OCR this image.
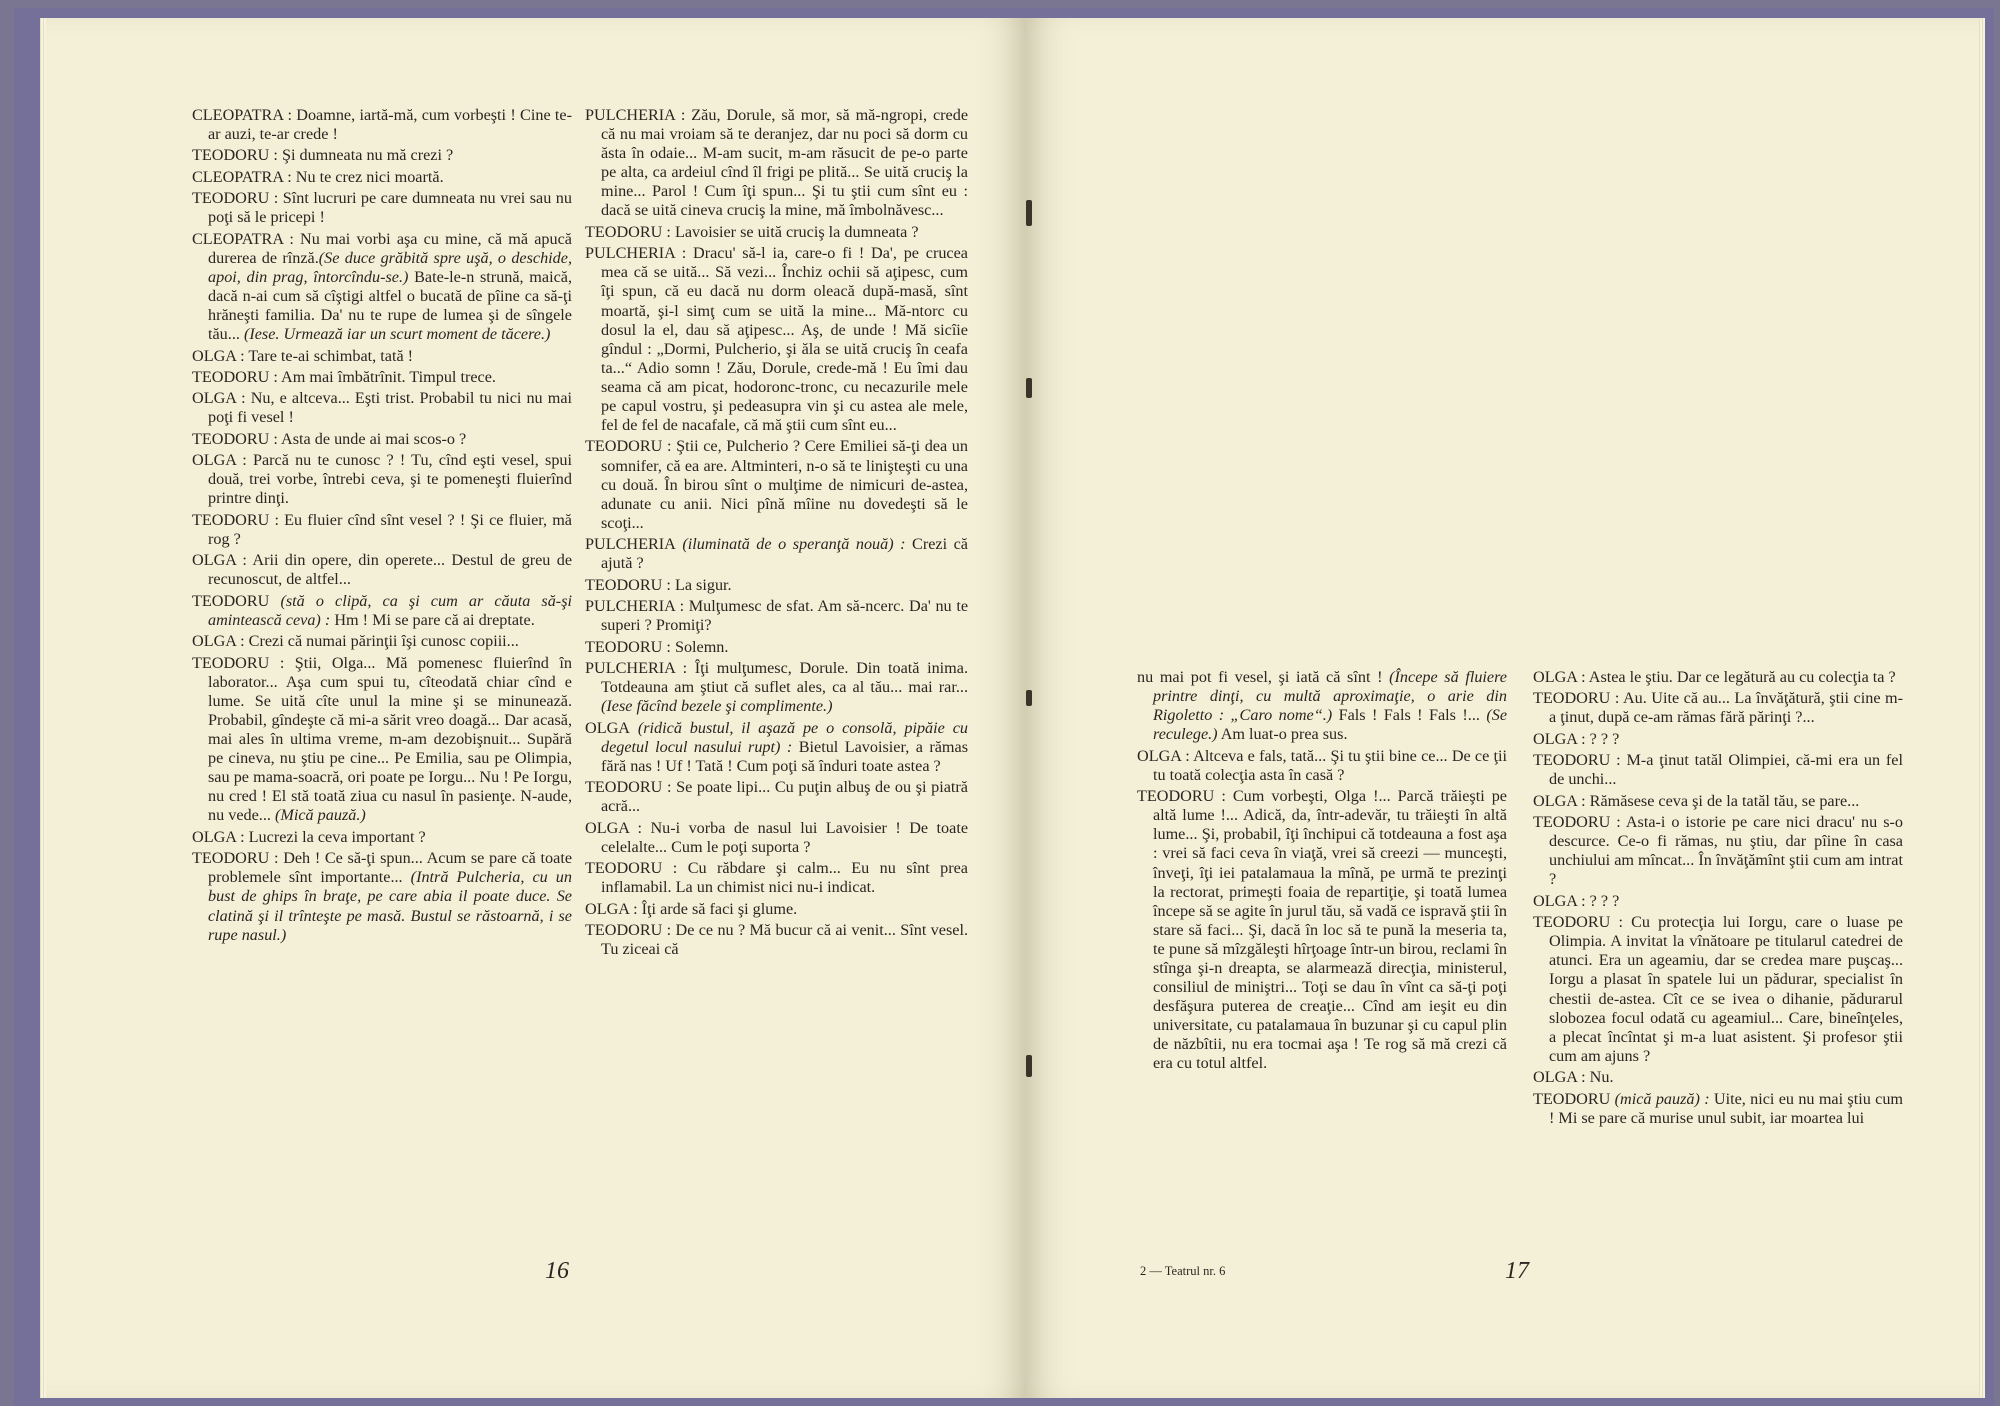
CLEOPATRA : Doamne, iartă-mă, cum vorbeşti ! Cine te-ar auzi, te-ar crede !

TEODORU : Şi dumneata nu mă crezi ?

CLEOPATRA : Nu te crez nici moartă.

TEODORU : Sînt lucruri pe care dumneata nu vrei sau nu poţi să le pricepi !

CLEOPATRA : Nu mai vorbi aşa cu mine, că mă apucă durerea de rînză.(Se duce grăbită spre uşă, o deschide, apoi, din prag, întorcîndu-se.) Bate-le-n strună, maică, dacă n-ai cum să cîştigi altfel o bucată de pîine ca să-ţi hrăneşti familia. Da' nu te rupe de lumea şi de sîngele tău... (Iese. Urmează iar un scurt moment de tăcere.)

OLGA : Tare te-ai schimbat, tată !

TEODORU : Am mai îmbătrînit. Timpul trece.

OLGA : Nu, e altceva... Eşti trist. Probabil tu nici nu mai poţi fi vesel !

TEODORU : Asta de unde ai mai scos-o ?

OLGA : Parcă nu te cunosc ? ! Tu, cînd eşti vesel, spui două, trei vorbe, întrebi ceva, şi te pomeneşti fluierînd printre dinţi.

TEODORU : Eu fluier cînd sînt vesel ? ! Şi ce fluier, mă rog ?

OLGA : Arii din opere, din operete... Destul de greu de recunoscut, de altfel...

TEODORU (stă o clipă, ca şi cum ar căuta să-şi amintească ceva) : Hm ! Mi se pare că ai dreptate.

OLGA : Crezi că numai părinţii îşi cunosc copiii...

TEODORU : Ştii, Olga... Mă pomenesc fluierînd în laborator... Aşa cum spui tu, cîteodată chiar cînd e lume. Se uită cîte unul la mine şi se minunează. Probabil, gîndeşte că mi-a sărit vreo doagă... Dar acasă, mai ales în ultima vreme, m-am dezobişnuit... Supără pe cineva, nu ştiu pe cine... Pe Emilia, sau pe Olimpia, sau pe mama-soacră, ori poate pe Iorgu... Nu ! Pe Iorgu, nu cred ! El stă toată ziua cu nasul în pasienţe. N-aude, nu vede... (Mică pauză.)

OLGA : Lucrezi la ceva important ?

TEODORU : Deh ! Ce să-ţi spun... Acum se pare că toate problemele sînt importante... (Intră Pulcheria, cu un bust de ghips în braţe, pe care abia il poate duce. Se clatină şi il trînteşte pe masă. Bustul se răstoarnă, i se rupe nasul.)

PULCHERIA : Zău, Dorule, să mor, să mă-ngropi, crede că nu mai vroiam să te deranjez, dar nu poci să dorm cu ăsta în odaie... M-am sucit, m-am răsucit de pe-o parte pe alta, ca ardeiul cînd îl frigi pe plită... Se uită cruciş la mine... Parol ! Cum îţi spun... Şi tu ştii cum sînt eu : dacă se uită cineva cruciş la mine, mă îmbolnăvesc...

TEODORU : Lavoisier se uită cruciş la dumneata ?

PULCHERIA : Dracu' să-l ia, care-o fi ! Da', pe crucea mea că se uită... Să vezi... Închiz ochii să aţipesc, cum îţi spun, că eu dacă nu dorm oleacă după-masă, sînt moartă, şi-l simţ cum se uită la mine... Mă-ntorc cu dosul la el, dau să aţipesc... Aş, de unde ! Mă sicîie gîndul : „Dormi, Pulcherio, şi ăla se uită cruciş în ceafa ta...“ Adio somn ! Zău, Dorule, crede-mă ! Eu îmi dau seama că am picat, hodoronc-tronc, cu necazurile mele pe capul vostru, şi pedeasupra vin şi cu astea ale mele, fel de fel de nacafale, că mă ştii cum sînt eu...

TEODORU : Ştii ce, Pulcherio ? Cere Emiliei să-ţi dea un somnifer, că ea are. Altminteri, n-o să te linişteşti cu una cu două. În birou sînt o mulţime de nimicuri de-astea, adunate cu anii. Nici pînă mîine nu dovedeşti să le scoţi...

PULCHERIA (iluminată de o speranţă nouă) : Crezi că ajută ?

TEODORU : La sigur.

PULCHERIA : Mulţumesc de sfat. Am să-ncerc. Da' nu te superi ? Promiţi?

TEODORU : Solemn.

PULCHERIA : Îţi mulţumesc, Dorule. Din toată inima. Totdeauna am ştiut că suflet ales, ca al tău... mai rar... (Iese făcînd bezele şi complimente.)

OLGA (ridică bustul, il aşază pe o consolă, pipăie cu degetul locul nasului rupt) : Bietul Lavoisier, a rămas fără nas ! Uf ! Tată ! Cum poţi să înduri toate astea ?

TEODORU : Se poate lipi... Cu puţin albuş de ou şi piatră acră...

OLGA : Nu-i vorba de nasul lui Lavoisier ! De toate celelalte... Cum le poţi suporta ?

TEODORU : Cu răbdare şi calm... Eu nu sînt prea inflamabil. La un chimist nici nu-i indicat.

OLGA : Îţi arde să faci şi glume.

TEODORU : De ce nu ? Mă bucur că ai venit... Sînt vesel. Tu ziceai că

16

nu mai pot fi vesel, şi iată că sînt ! (Începe să fluiere printre dinţi, cu multă aproximaţie, o arie din Rigoletto : „Caro nome“.) Fals ! Fals ! Fals !... (Se reculege.) Am luat-o prea sus.

OLGA : Altceva e fals, tată... Şi tu ştii bine ce... De ce ţii tu toată colecţia asta în casă ?

TEODORU : Cum vorbeşti, Olga !... Parcă trăieşti pe altă lume !... Adică, da, într-adevăr, tu trăieşti în altă lume... Şi, probabil, îţi închipui că totdeauna a fost aşa : vrei să faci ceva în viaţă, vrei să creezi — munceşti, înveţi, îţi iei patalamaua la mînă, pe urmă te prezinţi la rectorat, primeşti foaia de repartiţie, şi toată lumea începe să se agite în jurul tău, să vadă ce ispravă ştii în stare să faci... Şi, dacă în loc să te pună la meseria ta, te pune să mîzgăleşti hîrţoage într-un birou, reclami în stînga şi-n dreapta, se alarmează direcţia, ministerul, consiliul de miniştri... Toţi se dau în vînt ca să-ţi poţi desfăşura puterea de creaţie... Cînd am ieşit eu din universitate, cu patalamaua în buzunar şi cu capul plin de năzbîtii, nu era tocmai aşa ! Te rog să mă crezi că era cu totul altfel.

OLGA : Astea le ştiu. Dar ce legătură au cu colecţia ta ?

TEODORU : Au. Uite că au... La învăţătură, ştii cine m-a ţinut, după ce-am rămas fără părinţi ?...

OLGA : ? ? ?

TEODORU : M-a ţinut tatăl Olimpiei, că-mi era un fel de unchi...

OLGA : Rămăsese ceva şi de la tatăl tău, se pare...

TEODORU : Asta-i o istorie pe care nici dracu' nu s-o descurce. Ce-o fi rămas, nu ştiu, dar pîine în casa unchiului am mîncat... În învăţămînt ştii cum am intrat ?

OLGA : ? ? ?

TEODORU : Cu protecţia lui Iorgu, care o luase pe Olimpia. A invitat la vînătoare pe titularul catedrei de atunci. Era un ageamiu, dar se credea mare puşcaş... Iorgu a plasat în spatele lui un pădurar, specialist în chestii de-astea. Cît ce se ivea o dihanie, pădurarul slobozea focul odată cu ageamiul... Care, bineînţeles, a plecat încîntat şi m-a luat asistent. Şi profesor ştii cum am ajuns ?

OLGA : Nu.

TEODORU (mică pauză) : Uite, nici eu nu mai ştiu cum ! Mi se pare că murise unul subit, iar moartea lui

2 — Teatrul nr. 6	17
